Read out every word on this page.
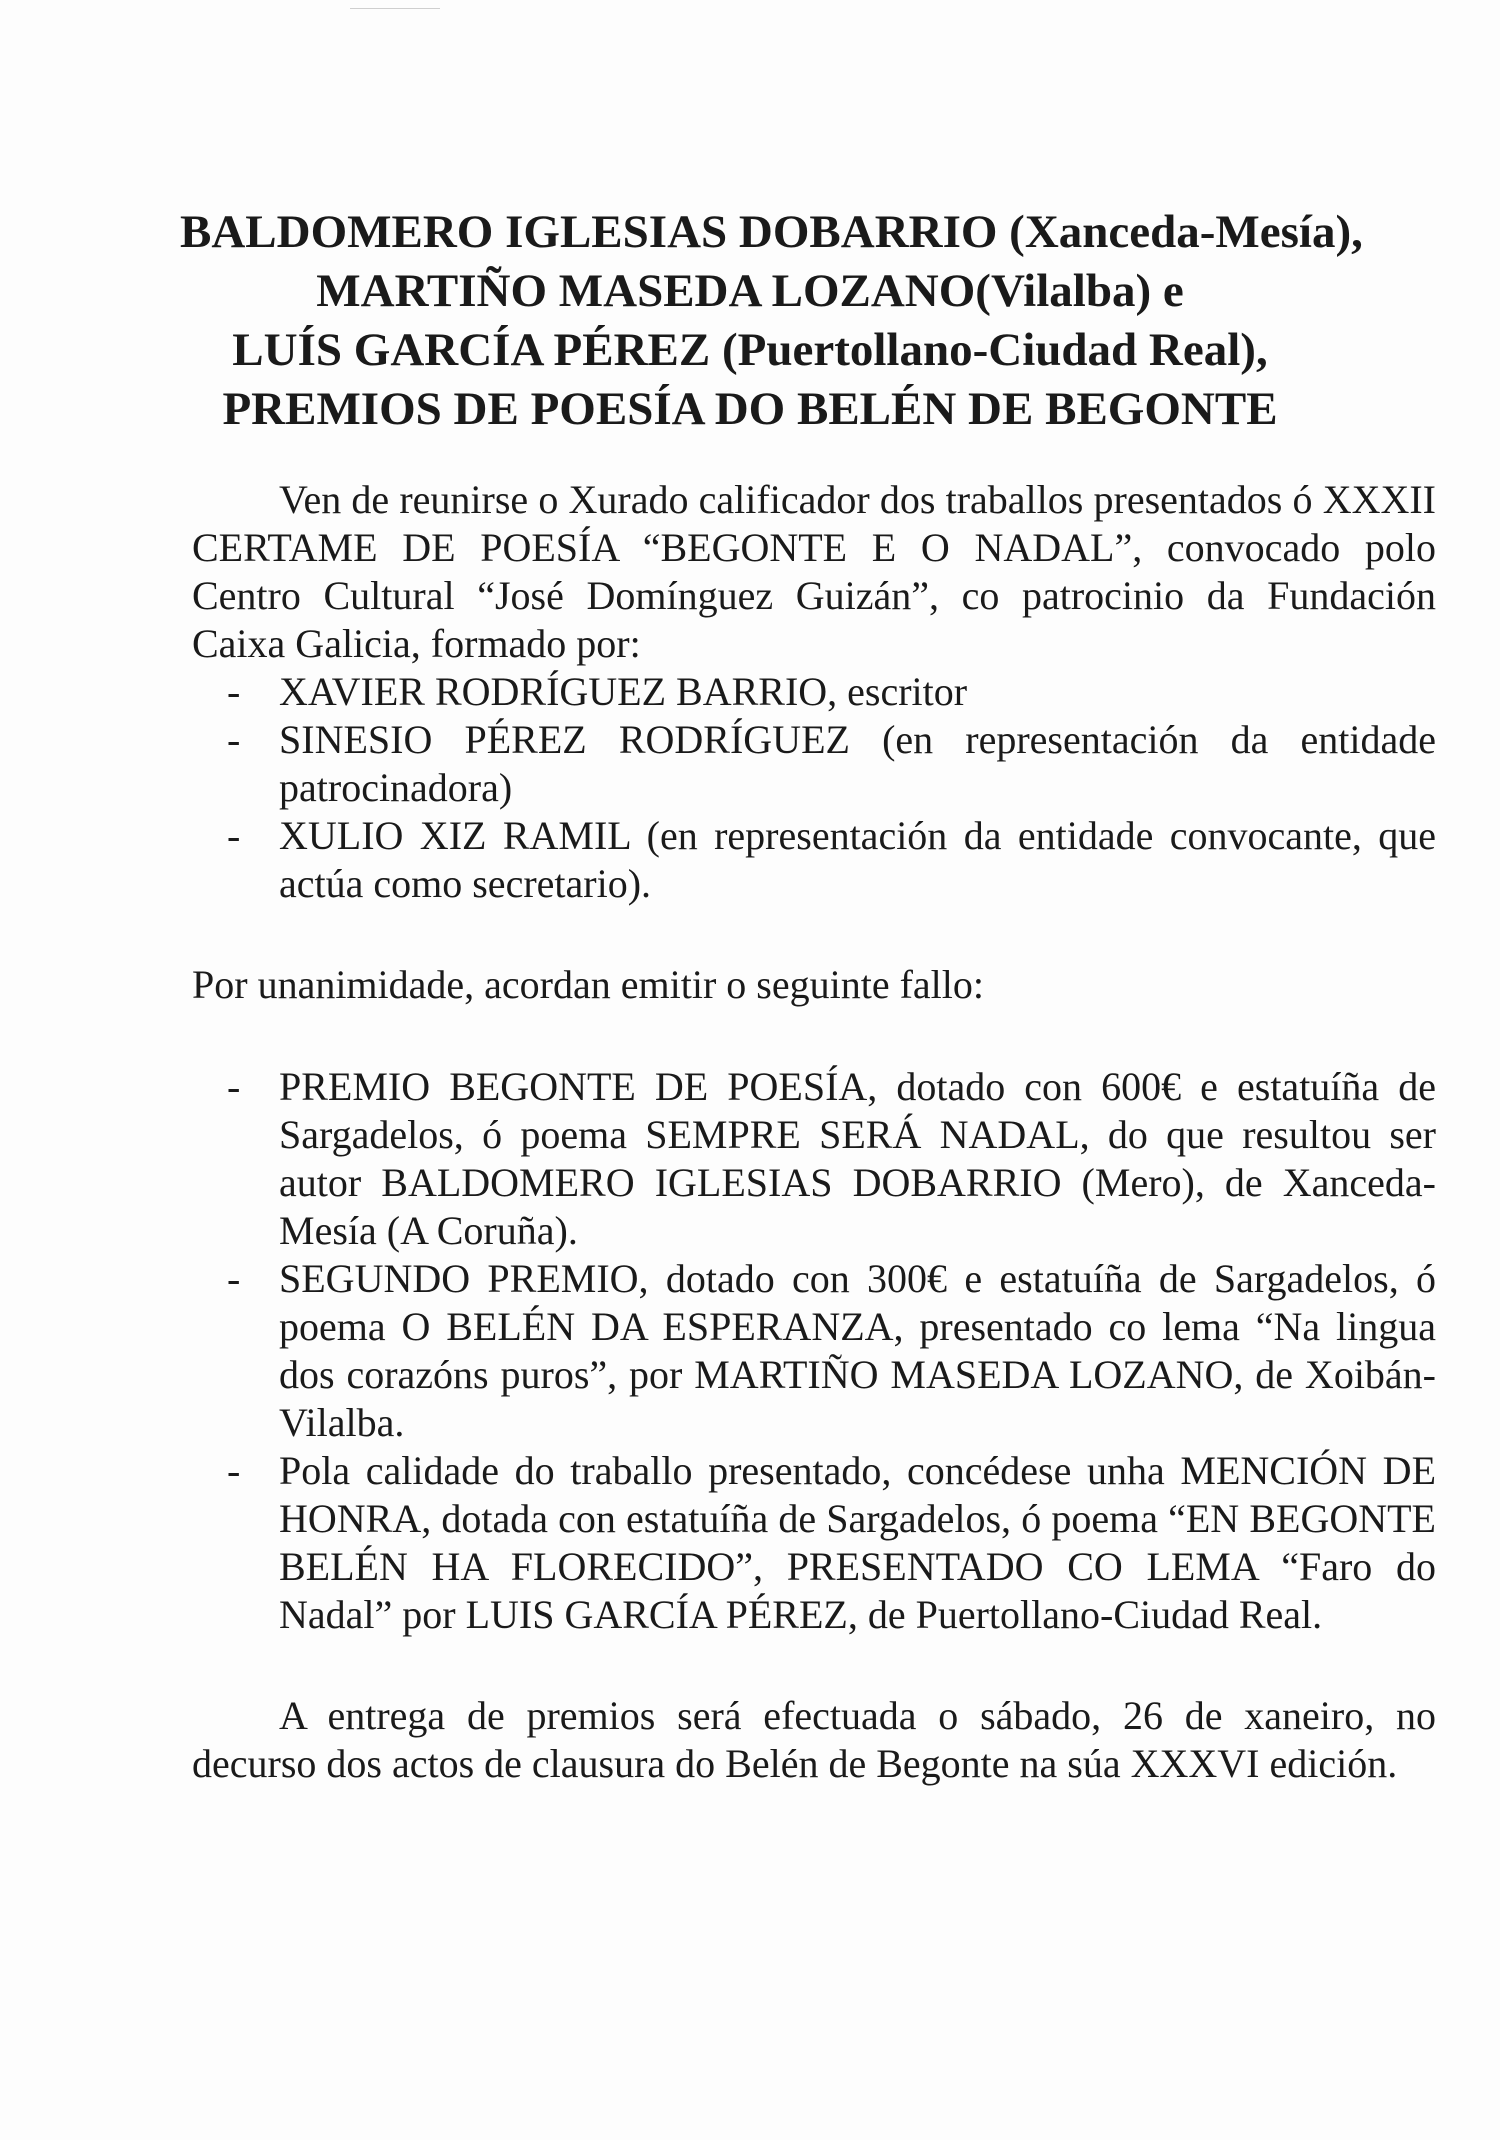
BALDOMERO IGLESIAS DOBARRIO (Xanceda-Mesía),
MARTIÑO MASEDA LOZANO(Vilalba) e
LUÍS GARCÍA PÉREZ (Puertollano-Ciudad Real),
PREMIOS DE POESÍA DO BELÉN DE BEGONTE

Ven de reunirse o Xurado calificador dos traballos presentados ó XXXII CERTAME DE POESÍA “BEGONTE E O NADAL”, convocado polo Centro Cultural “José Domínguez Guizán”, co patrocinio da Fundación Caixa Galicia, formado por:

- XAVIER RODRÍGUEZ BARRIO, escritor
- SINESIO PÉREZ RODRÍGUEZ (en representación da entidade patrocinadora)
- XULIO XIZ RAMIL (en representación da entidade convocante, que actúa como secretario).

Por unanimidade, acordan emitir o seguinte fallo:

- PREMIO BEGONTE DE POESÍA, dotado con 600€ e estatuíña de Sargadelos, ó poema SEMPRE SERÁ NADAL, do que resultou ser autor BALDOMERO IGLESIAS DOBARRIO (Mero), de Xanceda-Mesía (A Coruña).
- SEGUNDO PREMIO, dotado con 300€ e estatuíña de Sargadelos, ó poema O BELÉN DA ESPERANZA, presentado co lema “Na lingua dos corazóns puros”, por MARTIÑO MASEDA LOZANO, de Xoibán-Vilalba.
- Pola calidade do traballo presentado, concédese unha MENCIÓN DE HONRA, dotada con estatuíña de Sargadelos, ó poema “EN BEGONTE BELÉN HA FLORECIDO”, PRESENTADO CO LEMA “Faro do Nadal” por LUIS GARCÍA PÉREZ, de Puertollano-Ciudad Real.

A entrega de premios será efectuada o sábado, 26 de xaneiro, no decurso dos actos de clausura do Belén de Begonte na súa XXXVI edición.
